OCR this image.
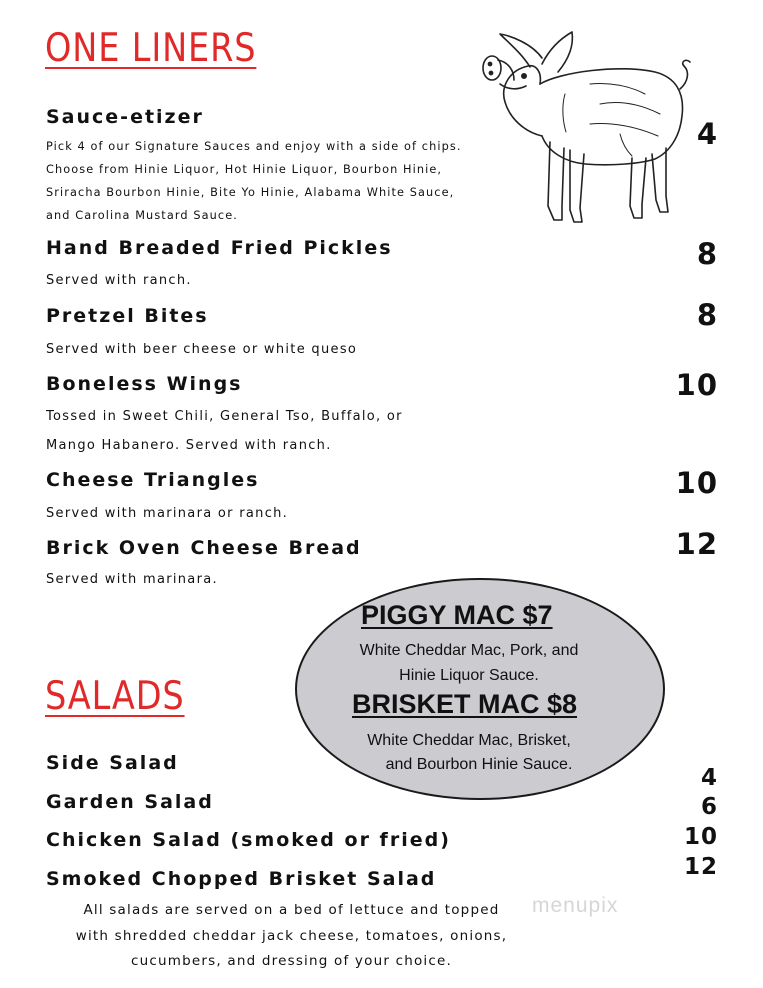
ONE LINERS
Sauce-etizer
Pick 4 of our Signature Sauces and enjoy with a side of chips.
Choose from Hinie Liquor, Hot Hinie Liquor, Bourbon Hinie,
Sriracha Bourbon Hinie, Bite Yo Hinie, Alabama White Sauce,
and Carolina Mustard Sauce.
4
Hand Breaded Fried Pickles
Served with ranch.
8
Pretzel Bites
Served with beer cheese or white queso
8
Boneless Wings
Tossed in Sweet Chili, General Tso, Buffalo, or
Mango Habanero. Served with ranch.
10
Cheese Triangles
Served with marinara or ranch.
10
Brick Oven Cheese Bread
Served with marinara.
12
PIGGY MAC $7
White Cheddar Mac, Pork, and
Hinie Liquor Sauce.
BRISKET MAC $8
White Cheddar Mac, Brisket,
and Bourbon Hinie Sauce.
SALADS
Side Salad
Garden Salad
Chicken Salad (smoked or fried)
Smoked Chopped Brisket Salad
4
6
10
12
All salads are served on a bed of lettuce and topped
with shredded cheddar jack cheese, tomatoes, onions,
cucumbers, and dressing of your choice.
menupix
